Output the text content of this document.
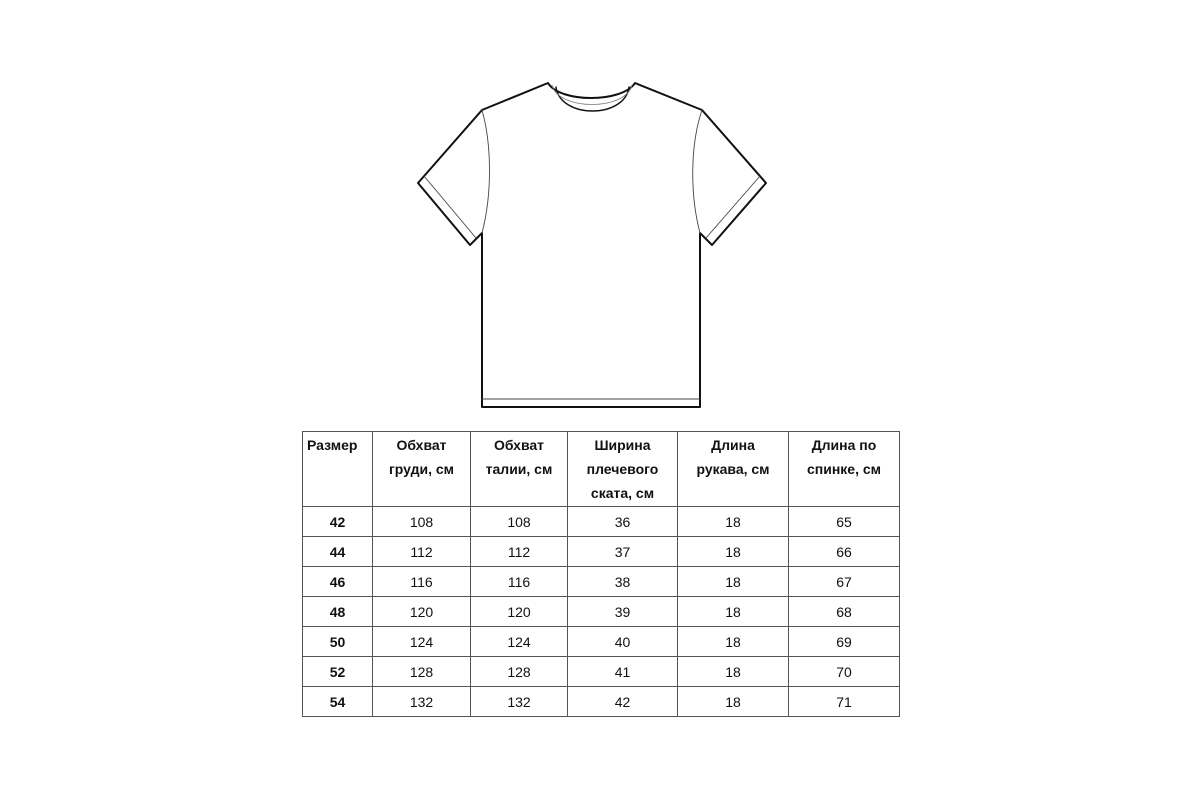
Размер	Обхват груди, см	Обхват талии, см	Ширина плечевого ската, см	Длина рукава, см	Длина по спинке, см

42	108	108	36	18	65
44	112	112	37	18	66
46	116	116	38	18	67
48	120	120	39	18	68
50	124	124	40	18	69
52	128	128	41	18	70
54	132	132	42	18	71
